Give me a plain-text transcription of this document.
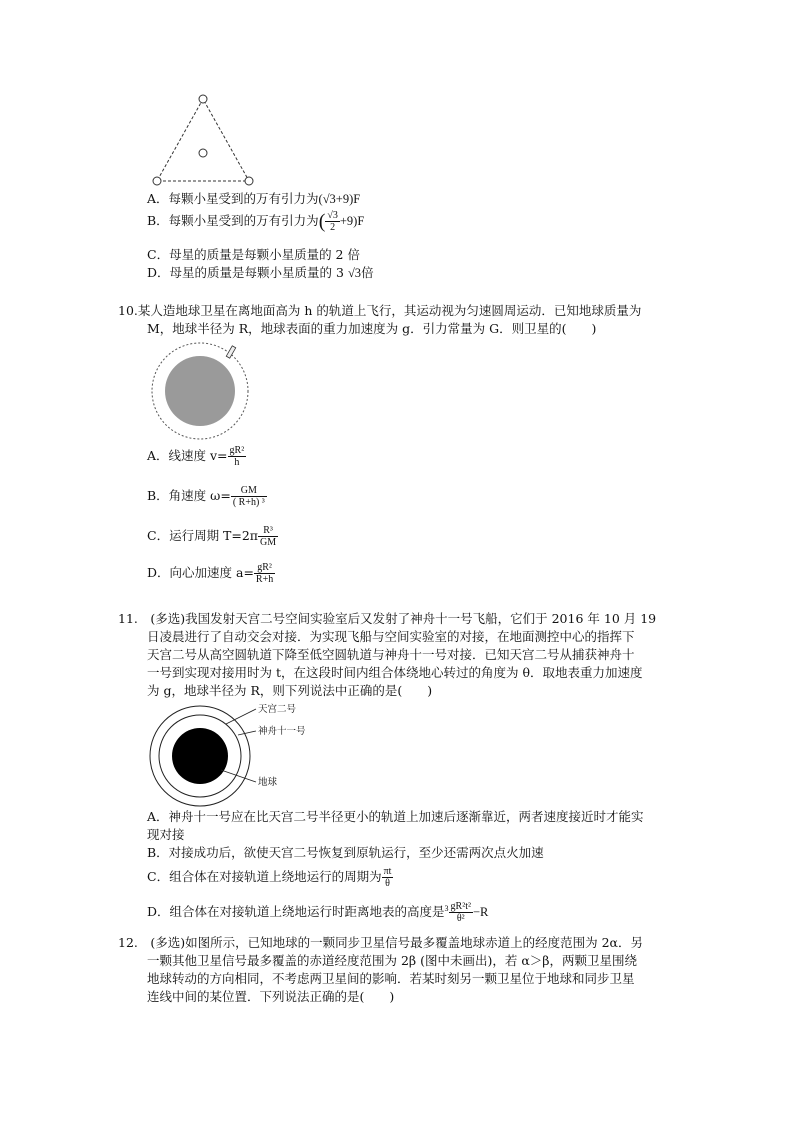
A．每颗小星受到的万有引力为(√3+9)F
B．每颗小星受到的万有引力为( $\frac{√3}{2} +9)F$
C．母星的质量是每颗小星质量的 2 倍
D．母星的质量是每颗小星质量的 3 √3倍
10.某人造地球卫星在离地面高为 h 的轨道上飞行，其运动视为匀速圆周运动．已知地球质量为
M，地球半径为 R，地球表面的重力加速度为 g．引力常量为 G．则卫星的(　　)
A．线速度 $v= \frac{\text{gR²}}{h}$
B．角速度 $\omega= \frac{GM}{\text{( R+h) ³}}$
C．运行周期 $T=2\pi \frac{\text{R³}}{GM}$
D．向心加速度 $a= \frac{\text{gR²}}{R+h}$
11.　(多选)我国发射天宫二号空间实验室后又发射了神舟十一号飞船，它们于 2016 年 10 月 19
日凌晨进行了自动交会对接．为实现飞船与空间实验室的对接，在地面测控中心的指挥下
天宫二号从高空圆轨道下降至低空圆轨道与神舟十一号对接．已知天宫二号从捕获神舟十
一号到实现对接用时为 t，在这段时间内组合体绕地心转过的角度为 θ．取地表重力加速度
为 g，地球半径为 R，则下列说法中正确的是(　　)
天宫二号
神舟十一号
地球
A．神舟十一号应在比天宫二号半径更小的轨道上加速后逐渐靠近，两者速度接近时才能实
现对接
B．对接成功后，欲使天宫二号恢复到原轨运行，至少还需两次点火加速
C．组合体在对接轨道上绕地运行的周期为 $\frac{\pi t}{\theta}$
D．组合体在对接轨道上绕地运行时距离地表的高度是$^3 \frac{\text{gR²t²}}{\text{θ²}} -R$
12.　(多选)如图所示，已知地球的一颗同步卫星信号最多覆盖地球赤道上的经度范围为 2α．另
一颗其他卫星信号最多覆盖的赤道经度范围为 2β (图中未画出)，若 α＞β，两颗卫星围绕
地球转动的方向相同，不考虑两卫星间的影响．若某时刻另一颗卫星位于地球和同步卫星
连线中间的某位置．下列说法正确的是(　　)
